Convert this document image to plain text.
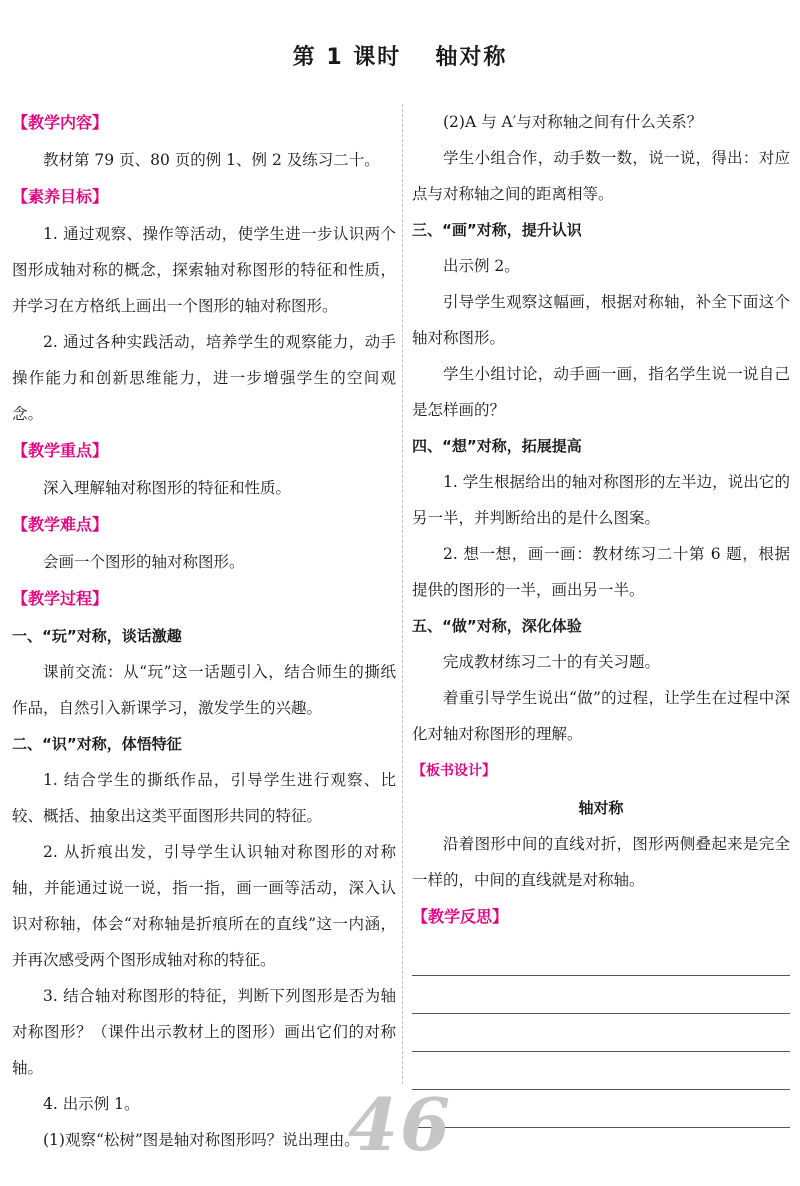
第 1 课时 轴对称
【教学内容】

教材第 79 页、80 页的例 1、例 2 及练习二十。

【素养目标】

1. 通过观察、操作等活动，使学生进一步认识两个图形成轴对称的概念，探索轴对称图形的特征和性质，并学习在方格纸上画出一个图形的轴对称图形。

2. 通过各种实践活动，培养学生的观察能力，动手操作能力和创新思维能力，进一步增强学生的空间观念。

【教学重点】

深入理解轴对称图形的特征和性质。

【教学难点】

会画一个图形的轴对称图形。

【教学过程】
一、“玩”对称，谈话激趣

课前交流：从“玩”这一话题引入，结合师生的撕纸作品，自然引入新课学习，激发学生的兴趣。

二、“识”对称，体悟特征

1. 结合学生的撕纸作品，引导学生进行观察、比较、概括、抽象出这类平面图形共同的特征。

2. 从折痕出发，引导学生认识轴对称图形的对称轴，并能通过说一说，指一指，画一画等活动，深入认识对称轴，体会“对称轴是折痕所在的直线”这一内涵，并再次感受两个图形成轴对称的特征。

3. 结合轴对称图形的特征，判断下列图形是否为轴对称图形？（课件出示教材上的图形）画出它们的对称轴。

4. 出示例 1。

(1)观察“松树”图是轴对称图形吗？说出理由。

(2)A 与 A′与对称轴之间有什么关系？

学生小组合作，动手数一数，说一说，得出：对应点与对称轴之间的距离相等。

三、“画”对称，提升认识

出示例 2。

引导学生观察这幅画，根据对称轴，补全下面这个轴对称图形。

学生小组讨论，动手画一画，指名学生说一说自己是怎样画的？

四、“想”对称，拓展提高

1. 学生根据给出的轴对称图形的左半边，说出它的另一半，并判断给出的是什么图案。

2. 想一想，画一画：教材练习二十第 6 题，根据提供的图形的一半，画出另一半。

五、“做”对称，深化体验

完成教材练习二十的有关习题。

着重引导学生说出“做”的过程，让学生在过程中深化对轴对称图形的理解。

【板书设计】
轴对称

沿着图形中间的直线对折，图形两侧叠起来是完全一样的，中间的直线就是对称轴。

【教学反思】
46
